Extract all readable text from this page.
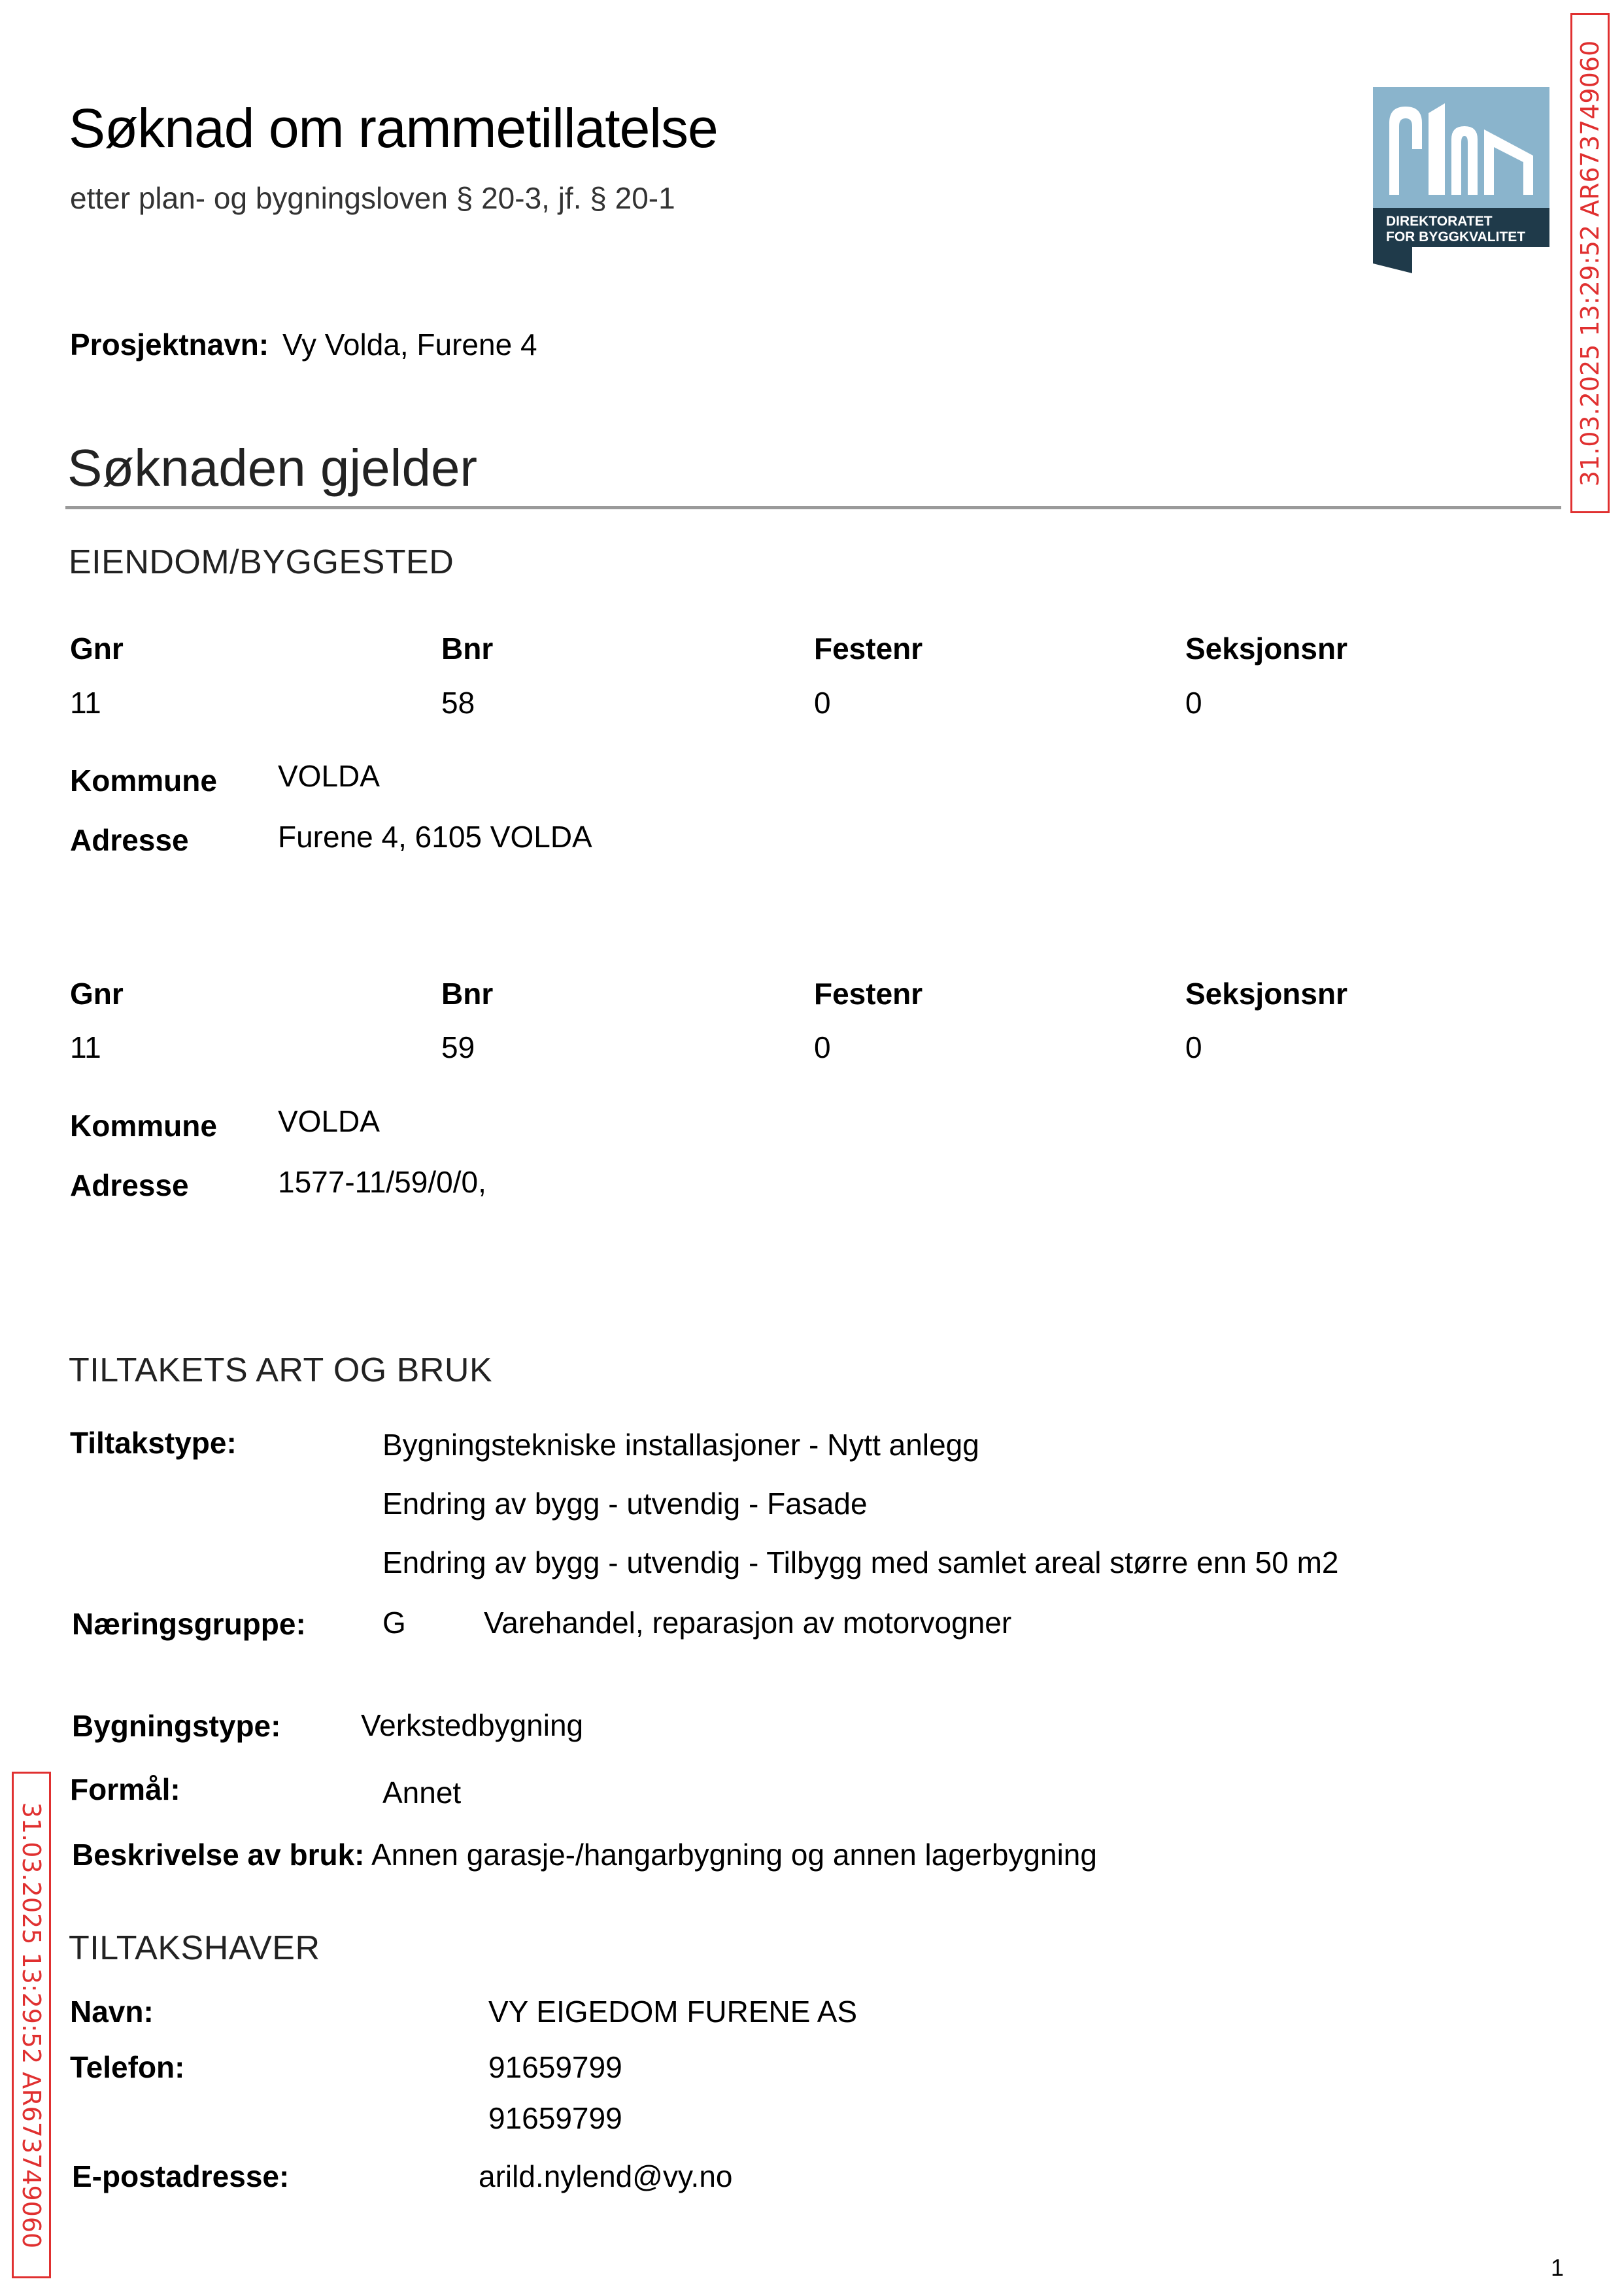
Søknad om rammetillatelse
etter plan- og bygningsloven § 20-3, jf. § 20-1
DIREKTORATET
FOR BYGGKVALITET 31.03.2025 13:29:52 AR673749060
Prosjektnavn: Vy Volda, Furene 4
Søknaden gjelder
EIENDOM/BYGGESTED
Gnr	Bnr	Festenr	Seksjonsnr
11	58	0	0
Kommune VOLDA
Adresse	Furene 4, 6105 VOLDA
Gnr	Bnr	Festenr	Seksjonsnr
11	59	0	0
Kommune VOLDA
Adresse	1577-11/59/0/0,
TILTAKETS ART OG BRUK
Tiltakstype:	Bygningstekniske installasjoner - Nytt anlegg
Endring av bygg - utvendig - Fasade
Endring av bygg - utvendig - Tilbygg med samlet areal større enn 50 m2
Næringsgruppe:	G	Varehandel, reparasjon av motorvogner
Bygningstype:	Verkstedbygning
Formål:	Annet
Beskrivelse av bruk: Annen garasje-/hangarbygning og annen lagerbygning
TILTAKSHAVER
Navn:	VY EIGEDOM FURENE AS
Telefon:	91659799
91659799
E-postadresse:	arild.nylend@vy.no
31.03.2025 13:29:52 AR673749060
1
